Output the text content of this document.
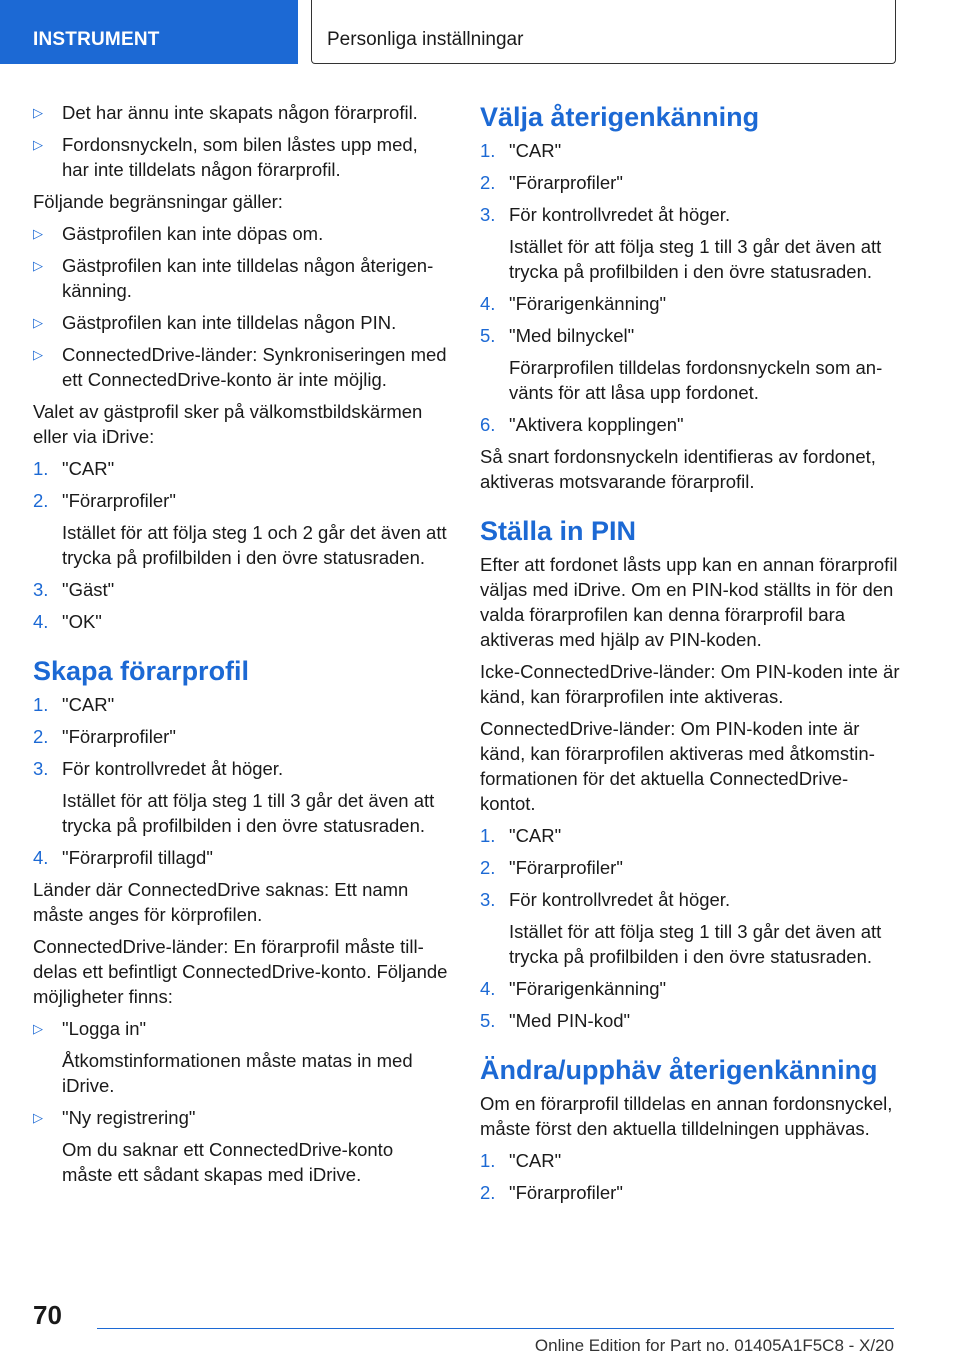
INSTRUMENT	Personliga inställningar
▷ Det har ännu inte skapats någon förarprofil.
▷ Fordonsnyckeln, som bilen låstes upp med, har inte tilldelats någon förarprofil.

Följande begränsningar gäller:

▷ Gästprofilen kan inte döpas om.
▷ Gästprofilen kan inte tilldelas någon återigenkänning.
▷ Gästprofilen kan inte tilldelas någon PIN.
▷ ConnectedDrive-länder: Synkroniseringen med ett ConnectedDrive-konto är inte möjlig.

Valet av gästprofil sker på välkomstbildskärmen eller via iDrive:

1. "CAR"
2. "Förarprofiler"
Istället för att följa steg 1 och 2 går det även att trycka på profilbilden i den övre statusraden.
3. "Gäst"
4. "OK"
Skapa förarprofil
1. "CAR"
2. "Förarprofiler"
3. För kontrollvredet åt höger.
Istället för att följa steg 1 till 3 går det även att trycka på profilbilden i den övre statusraden.
4. "Förarprofil tillagd"

Länder där ConnectedDrive saknas: Ett namn måste anges för körprofilen.

ConnectedDrive-länder: En förarprofil måste tilldelas ett befintligt ConnectedDrive-konto. Följande möjligheter finns:

▷ "Logga in"
Åtkomstinformationen måste matas in med iDrive.
▷ "Ny registrering"
Om du saknar ett ConnectedDrive-konto måste ett sådant skapas med iDrive.
Välja återigenkänning
1. "CAR"
2. "Förarprofiler"
3. För kontrollvredet åt höger.
Istället för att följa steg 1 till 3 går det även att trycka på profilbilden i den övre statusraden.
4. "Förarigenkänning"
5. "Med bilnyckel"
Förarprofilen tilldelas fordonsnyckeln som använts för att låsa upp fordonet.
6. "Aktivera kopplingen"

Så snart fordonsnyckeln identifieras av fordonet, aktiveras motsvarande förarprofil.

Ställa in PIN

Efter att fordonet låsts upp kan en annan förarprofil väljas med iDrive. Om en PIN-kod ställts in för den valda förarprofilen kan denna förarprofil bara aktiveras med hjälp av PIN-koden.

Icke-ConnectedDrive-länder: Om PIN-koden inte är känd, kan förarprofilen inte aktiveras.

ConnectedDrive-länder: Om PIN-koden inte är känd, kan förarprofilen aktiveras med åtkomstinformationen för det aktuella ConnectedDrive-kontot.

1. "CAR"
2. "Förarprofiler"
3. För kontrollvredet åt höger.
Istället för att följa steg 1 till 3 går det även att trycka på profilbilden i den övre statusraden.
4. "Förarigenkänning"
5. "Med PIN-kod"
Ändra/upphäv återigenkänning

Om en förarprofil tilldelas en annan fordonsnyckel, måste först den aktuella tilldelningen upphävas.

1. "CAR"
2. "Förarprofiler"
70
Online Edition for Part no. 01405A1F5C8 - X/20
